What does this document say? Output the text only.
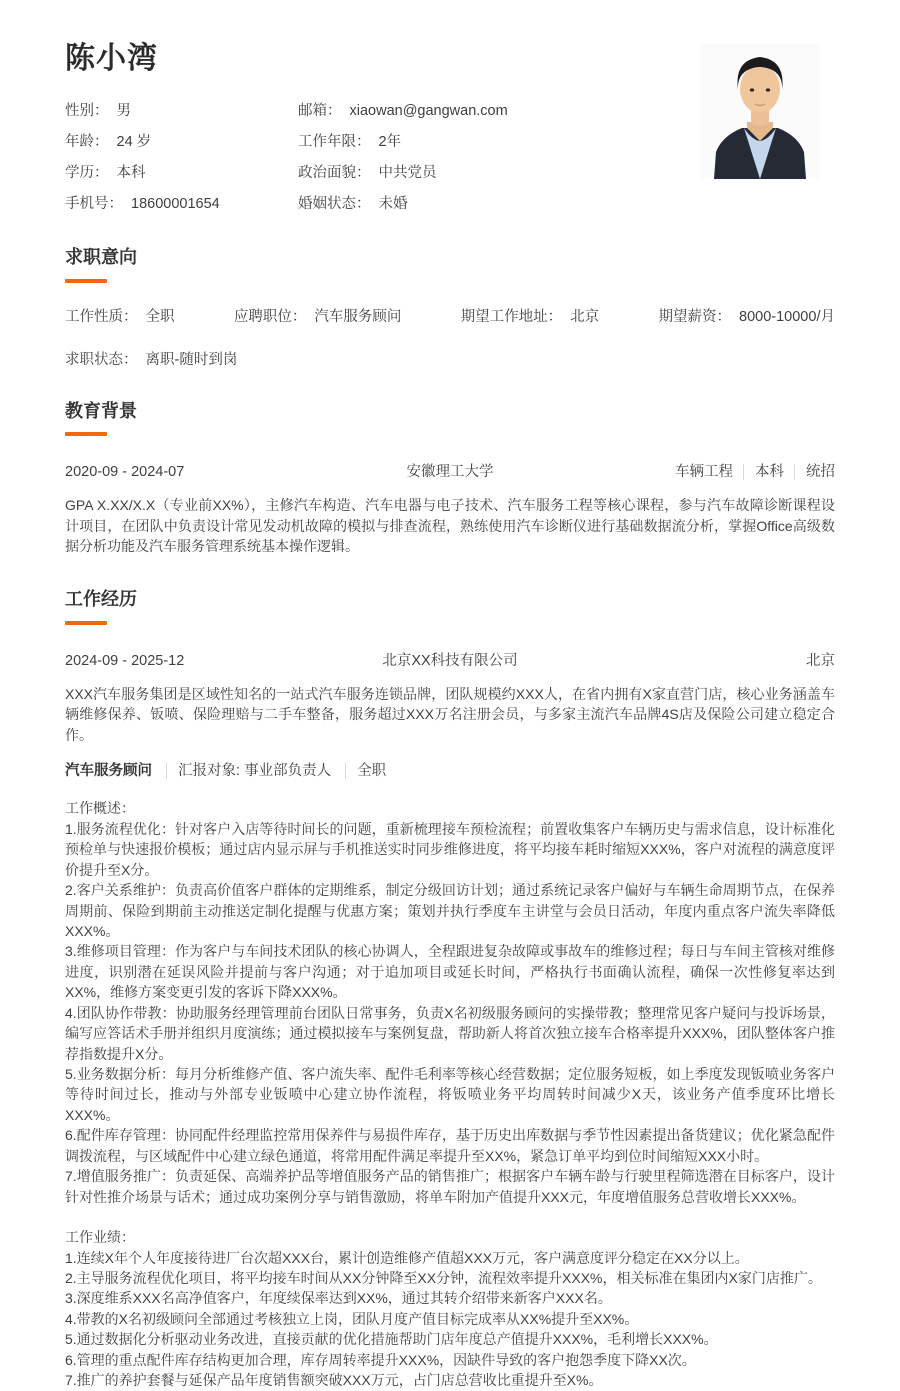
陈小湾
性别： 男	邮箱： xiaowan@gangwan.com
年龄： 24 岁	工作年限： 2年
学历： 本科	政治面貌： 中共党员
手机号： 18600001654	婚姻状态： 未婚
求职意向
工作性质： 全职	应聘职位： 汽车服务顾问	期望工作地址： 北京	期望薪资： 8000-10000/月
求职状态： 离职-随时到岗
教育背景
2020-09 - 2024-07	安徽理工大学	车辆工程 本科 统招

GPA X.XX/X.X（专业前XX%），主修汽车构造、汽车电器与电子技术、汽车服务工程等核心课程，参与汽车故障诊断课程设计项目，在团队中负责设计常见发动机故障的模拟与排查流程，熟练使用汽车诊断仪进行基础数据流分析，掌握Office高级数据分析功能及汽车服务管理系统基本操作逻辑。

工作经历
2024-09 - 2025-12	北京XX科技有限公司	北京

XXX汽车服务集团是区域性知名的一站式汽车服务连锁品牌，团队规模约XXX人，在省内拥有X家直营门店，核心业务涵盖车辆维修保养、钣喷、保险理赔与二手车整备，服务超过XXX万名注册会员，与多家主流汽车品牌4S店及保险公司建立稳定合作。

汽车服务顾问 汇报对象: 事业部负责人 全职

工作概述：

1.服务流程优化：针对客户入店等待时间长的问题，重新梳理接车预检流程；前置收集客户车辆历史与需求信息，设计标准化预检单与快速报价模板；通过店内显示屏与手机推送实时同步维修进度，将平均接车耗时缩短XXX%，客户对流程的满意度评价提升至X分。

2.客户关系维护：负责高价值客户群体的定期维系，制定分级回访计划；通过系统记录客户偏好与车辆生命周期节点，在保养周期前、保险到期前主动推送定制化提醒与优惠方案；策划并执行季度车主讲堂与会员日活动，年度内重点客户流失率降低XXX%。

3.维修项目管理：作为客户与车间技术团队的核心协调人，全程跟进复杂故障或事故车的维修过程；每日与车间主管核对维修进度，识别潜在延误风险并提前与客户沟通；对于追加项目或延长时间，严格执行书面确认流程，确保一次性修复率达到XX%，维修方案变更引发的客诉下降XXX%。

4.团队协作带教：协助服务经理管理前台团队日常事务，负责X名初级服务顾问的实操带教；整理常见客户疑问与投诉场景，编写应答话术手册并组织月度演练；通过模拟接车与案例复盘，帮助新人将首次独立接车合格率提升XXX%，团队整体客户推荐指数提升X分。

5.业务数据分析：每月分析维修产值、客户流失率、配件毛利率等核心经营数据；定位服务短板，如上季度发现钣喷业务客户等待时间过长，推动与外部专业钣喷中心建立协作流程，将钣喷业务平均周转时间减少X天，该业务产值季度环比增长XXX%。

6.配件库存管理：协同配件经理监控常用保养件与易损件库存，基于历史出库数据与季节性因素提出备货建议；优化紧急配件调拨流程，与区域配件中心建立绿色通道，将常用配件满足率提升至XX%，紧急订单平均到位时间缩短XXX小时。

7.增值服务推广：负责延保、高端养护品等增值服务产品的销售推广；根据客户车辆车龄与行驶里程筛选潜在目标客户，设计针对性推介场景与话术；通过成功案例分享与销售激励，将单车附加产值提升XXX元，年度增值服务总营收增长XXX%。

工作业绩：

1.连续X年个人年度接待进厂台次超XXX台，累计创造维修产值超XXX万元，客户满意度评分稳定在XX分以上。

2.主导服务流程优化项目，将平均接车时间从XX分钟降至XX分钟，流程效率提升XXX%，相关标准在集团内X家门店推广。

3.深度维系XXX名高净值客户，年度续保率达到XX%，通过其转介绍带来新客户XXX名。

4.带教的X名初级顾问全部通过考核独立上岗，团队月度产值目标完成率从XX%提升至XX%。

5.通过数据化分析驱动业务改进，直接贡献的优化措施帮助门店年度总产值提升XXX%，毛利增长XXX%。

6.管理的重点配件库存结构更加合理，库存周转率提升XXX%，因缺件导致的客户抱怨季度下降XX次。

7.推广的养护套餐与延保产品年度销售额突破XXX万元，占门店总营收比重提升至X%。
